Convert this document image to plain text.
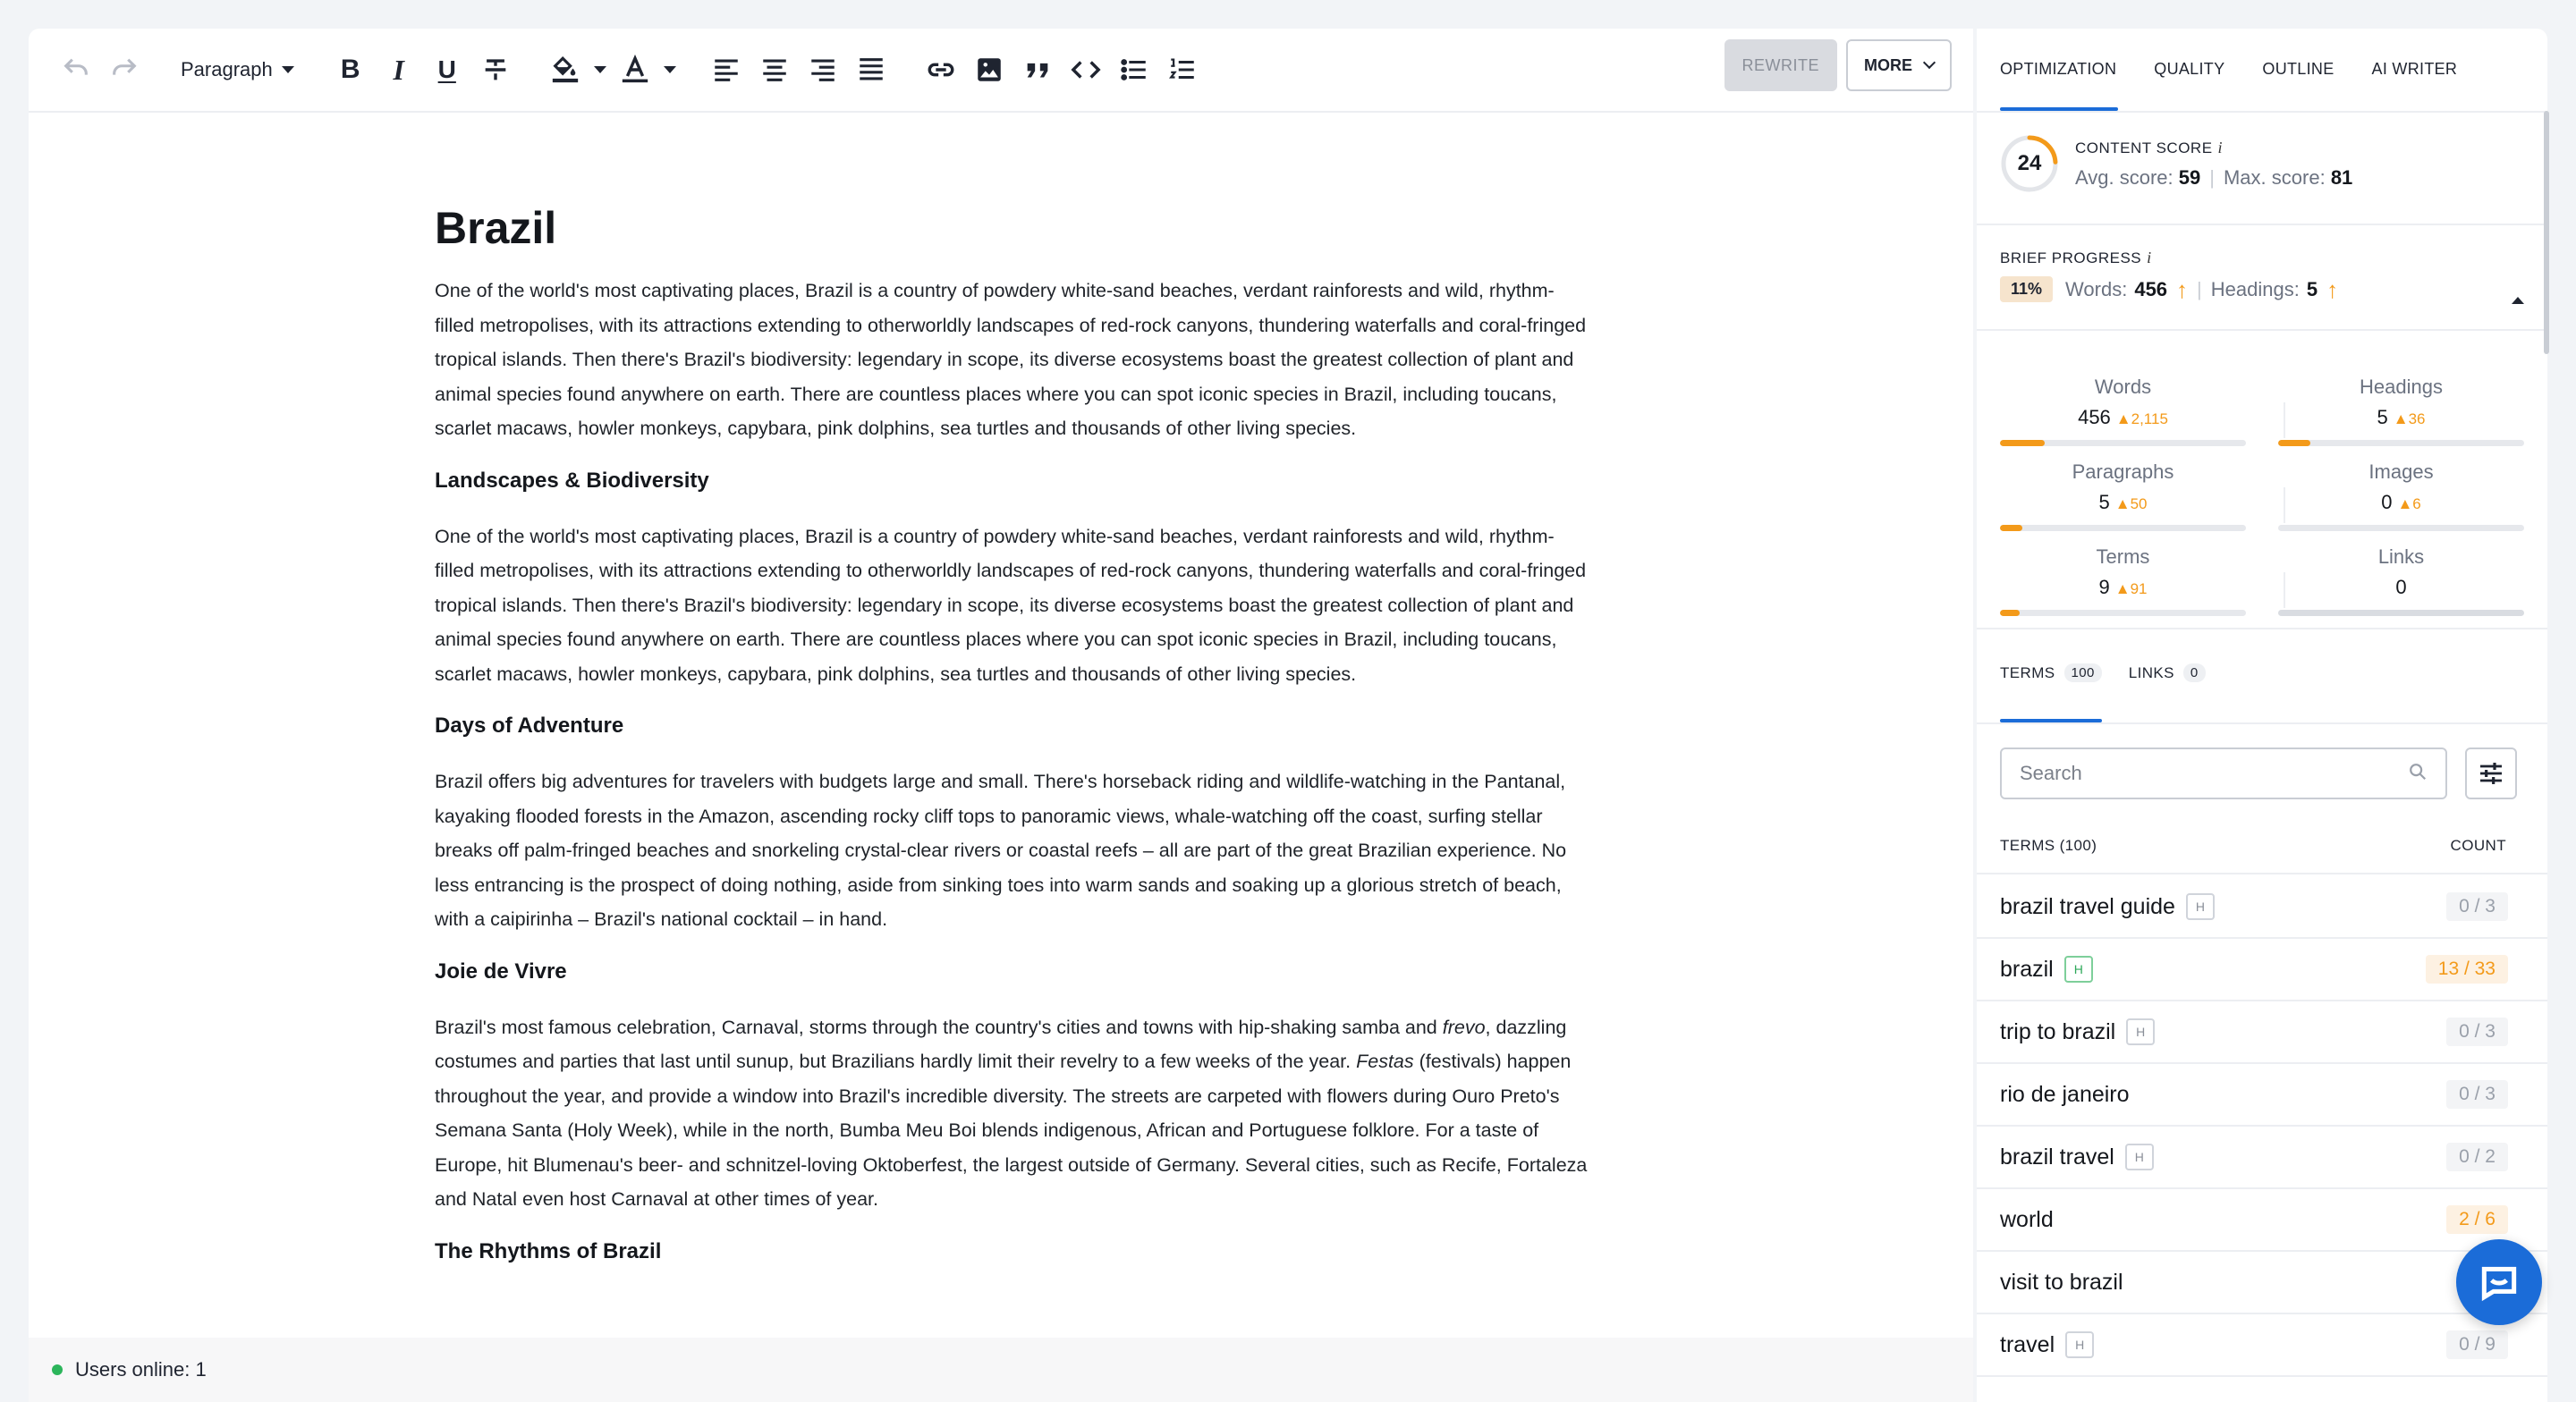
Paragraph	B I U	REWRITE	MORE
Brazil

One of the world's most captivating places, Brazil is a country of powdery white-sand beaches, verdant rainforests and wild, rhythm-filled metropolises, with its attractions extending to otherworldly landscapes of red-rock canyons, thundering waterfalls and coral-fringed tropical islands. Then there's Brazil's biodiversity: legendary in scope, its diverse ecosystems boast the greatest collection of plant and animal species found anywhere on earth. There are countless places where you can spot iconic species in Brazil, including toucans, scarlet macaws, howler monkeys, capybara, pink dolphins, sea turtles and thousands of other living species.

Landscapes & Biodiversity

One of the world's most captivating places, Brazil is a country of powdery white-sand beaches, verdant rainforests and wild, rhythm-filled metropolises, with its attractions extending to otherworldly landscapes of red-rock canyons, thundering waterfalls and coral-fringed tropical islands. Then there's Brazil's biodiversity: legendary in scope, its diverse ecosystems boast the greatest collection of plant and animal species found anywhere on earth. There are countless places where you can spot iconic species in Brazil, including toucans, scarlet macaws, howler monkeys, capybara, pink dolphins, sea turtles and thousands of other living species.

Days of Adventure

Brazil offers big adventures for travelers with budgets large and small. There's horseback riding and wildlife-watching in the Pantanal, kayaking flooded forests in the Amazon, ascending rocky cliff tops to panoramic views, whale-watching off the coast, surfing stellar breaks off palm-fringed beaches and snorkeling crystal-clear rivers or coastal reefs – all are part of the great Brazilian experience. No less entrancing is the prospect of doing nothing, aside from sinking toes into warm sands and soaking up a glorious stretch of beach, with a caipirinha – Brazil's national cocktail – in hand.

Joie de Vivre

Brazil's most famous celebration, Carnaval, storms through the country's cities and towns with hip-shaking samba and frevo, dazzling costumes and parties that last until sunup, but Brazilians hardly limit their revelry to a few weeks of the year. Festas (festivals) happen throughout the year, and provide a window into Brazil's incredible diversity. The streets are carpeted with flowers during Ouro Preto's Semana Santa (Holy Week), while in the north, Bumba Meu Boi blends indigenous, African and Portuguese folklore. For a taste of Europe, hit Blumenau's beer- and schnitzel-loving Oktoberfest, the largest outside of Germany. Several cities, such as Recife, Fortaleza and Natal even host Carnaval at other times of year.

The Rhythms of Brazil
Users online: 1
OPTIMIZATION QUALITY OUTLINE AI WRITER
24
CONTENT SCORE i
Avg. score: 59 | Max. score: 81
BRIEF PROGRESS i
11%	Words: 456 ↑ | Headings: 5 ↑
Words
456 ▲2,115
Headings
5 ▲36
Paragraphs
5 ▲50
Images
0 ▲6
Terms
9 ▲91
Links
0
TERMS	100	LINKS	0
Search
TERMS (100)	COUNT
brazil travel guide	H	0 / 3
brazil	H	13 / 33
trip to brazil	H	0 / 3
rio de janeiro	0 / 3
brazil travel	H	0 / 2
world	2 / 6
visit to brazil
travel	H	0 / 9
